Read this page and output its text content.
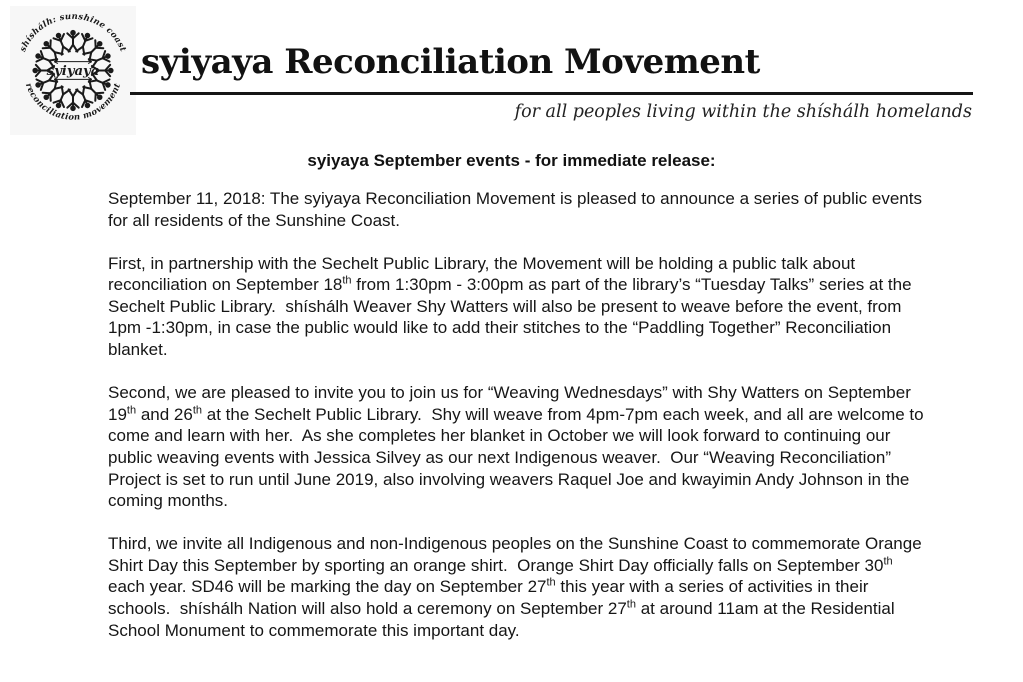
shíshálh: sunshine coast
reconciliation movement
syiyaya syiyaya Reconciliation Movement
for all peoples living within the shíshálh homelands
syiyaya September events - for immediate release:

September 11, 2018: The syiyaya Reconciliation Movement is pleased to announce a series of public events for all residents of the Sunshine Coast.

First, in partnership with the Sechelt Public Library, the Movement will be holding a public talk about reconciliation on September 18th from 1:30pm - 3:00pm as part of the library’s “Tuesday Talks” series at the Sechelt Public Library.  shíshálh Weaver Shy Watters will also be present to weave before the event, from 1pm -1:30pm, in case the public would like to add their stitches to the “Paddling Together” Reconciliation blanket.

Second, we are pleased to invite you to join us for “Weaving Wednesdays” with Shy Watters on September 19th and 26th at the Sechelt Public Library.  Shy will weave from 4pm-7pm each week, and all are welcome to come and learn with her.  As she completes her blanket in October we will look forward to continuing our public weaving events with Jessica Silvey as our next Indigenous weaver.  Our “Weaving Reconciliation” Project is set to run until June 2019, also involving weavers Raquel Joe and kwayimin Andy Johnson in the coming months.

Third, we invite all Indigenous and non-Indigenous peoples on the Sunshine Coast to commemorate Orange Shirt Day this September by sporting an orange shirt.  Orange Shirt Day officially falls on September 30th each year. SD46 will be marking the day on September 27th this year with a series of activities in their schools.  shíshálh Nation will also hold a ceremony on September 27th at around 11am at the Residential School Monument to commemorate this important day.
